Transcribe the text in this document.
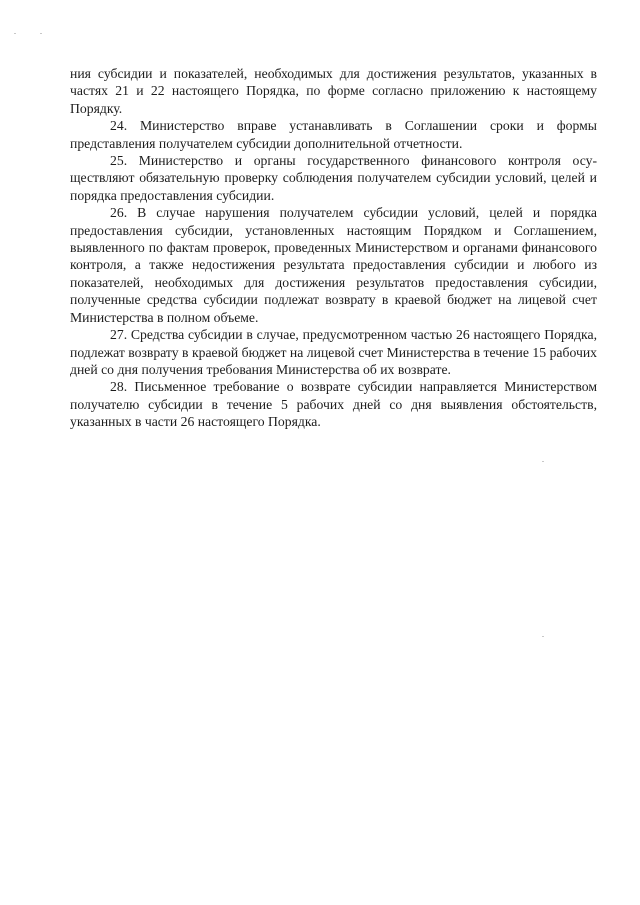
ния субсидии и показателей, необходимых для достижения результатов, указанных в частях 21 и 22 настоящего Порядка, по форме согласно приложению к настоящему Порядку.

24. Министерство вправе устанавливать в Соглашении сроки и формы представления получателем субсидии дополнительной отчетности.

25. Министерство и органы государственного финансового контроля осуществляют обязательную проверку соблюдения получателем субсидии условий, целей и порядка предоставления субсидии.

26. В случае нарушения получателем субсидии условий, целей и порядка предоставления субсидии, установленных настоящим Порядком и Соглашением, выявленного по фактам проверок, проведенных Министерством и органами финансового контроля, а также недостижения результата предоставления субсидии и любого из показателей, необходимых для достижения результатов предоставления субсидии, полученные средства субсидии подлежат возврату в краевой бюджет на лицевой счет Министерства в полном объеме.

27. Средства субсидии в случае, предусмотренном частью 26 настоящего Порядка, подлежат возврату в краевой бюджет на лицевой счет Министерства в течение 15 рабочих дней со дня получения требования Министерства об их возврате.

28. Письменное требование о возврате субсидии направляется Министерством получателю субсидии в течение 5 рабочих дней со дня выявления обстоятельств, указанных в части 26 настоящего Порядка.
